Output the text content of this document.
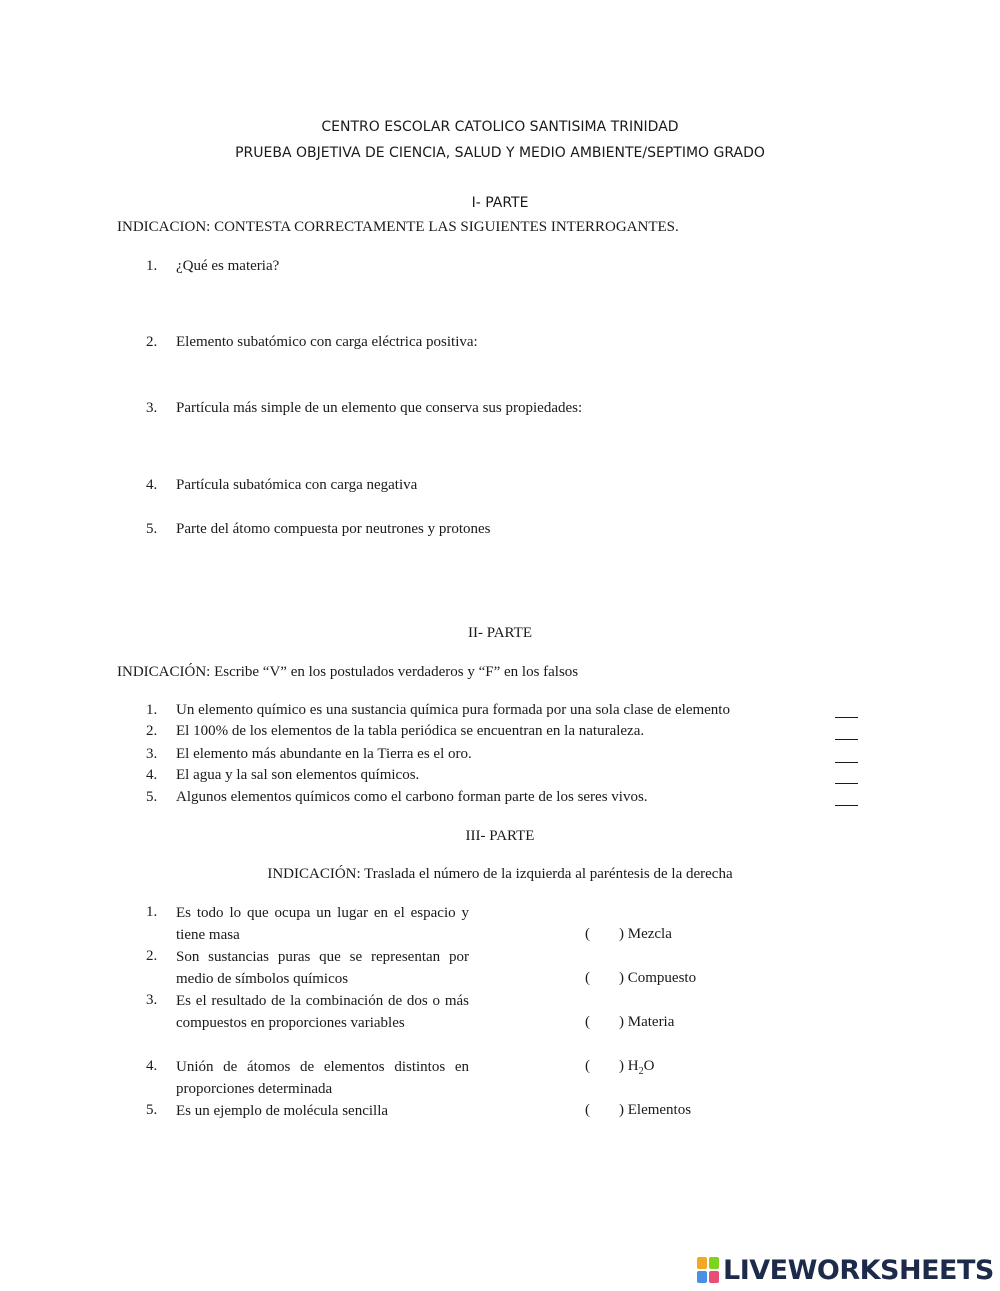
CENTRO ESCOLAR CATOLICO SANTISIMA TRINIDAD
PRUEBA OBJETIVA DE CIENCIA, SALUD Y MEDIO AMBIENTE/SEPTIMO GRADO
I- PARTE
INDICACION: CONTESTA CORRECTAMENTE LAS SIGUIENTES INTERROGANTES.
1. ¿Qué es materia?
2. Elemento subatómico con carga eléctrica positiva:
3. Partícula más simple de un elemento que conserva sus propiedades:
4. Partícula subatómica con carga negativa
5. Parte del átomo compuesta por neutrones y protones
II- PARTE
INDICACIÓN: Escribe “V” en los postulados verdaderos y “F” en los falsos
1. Un elemento químico es una sustancia química pura formada por una sola clase de elemento
2. El 100% de los elementos de la tabla periódica se encuentran en la naturaleza.
3. El elemento más abundante en la Tierra es el oro.
4. El agua y la sal son elementos químicos.
5. Algunos elementos químicos como el carbono forman parte de los seres vivos.
III- PARTE
INDICACIÓN: Traslada el número de la izquierda al paréntesis de la derecha
1. Es todo lo que ocupa un lugar en el espacio y tiene masa
2. Son sustancias puras que se representan por medio de símbolos químicos
3. Es el resultado de la combinación de dos o más compuestos en proporciones variables
4. Unión de átomos de elementos distintos en proporciones determinada
5. Es un ejemplo de molécula sencilla
( ) Mezcla
( ) Compuesto
( ) Materia
( ) $H_2O$
( ) Elementos
LIVEWORKSHEETS
